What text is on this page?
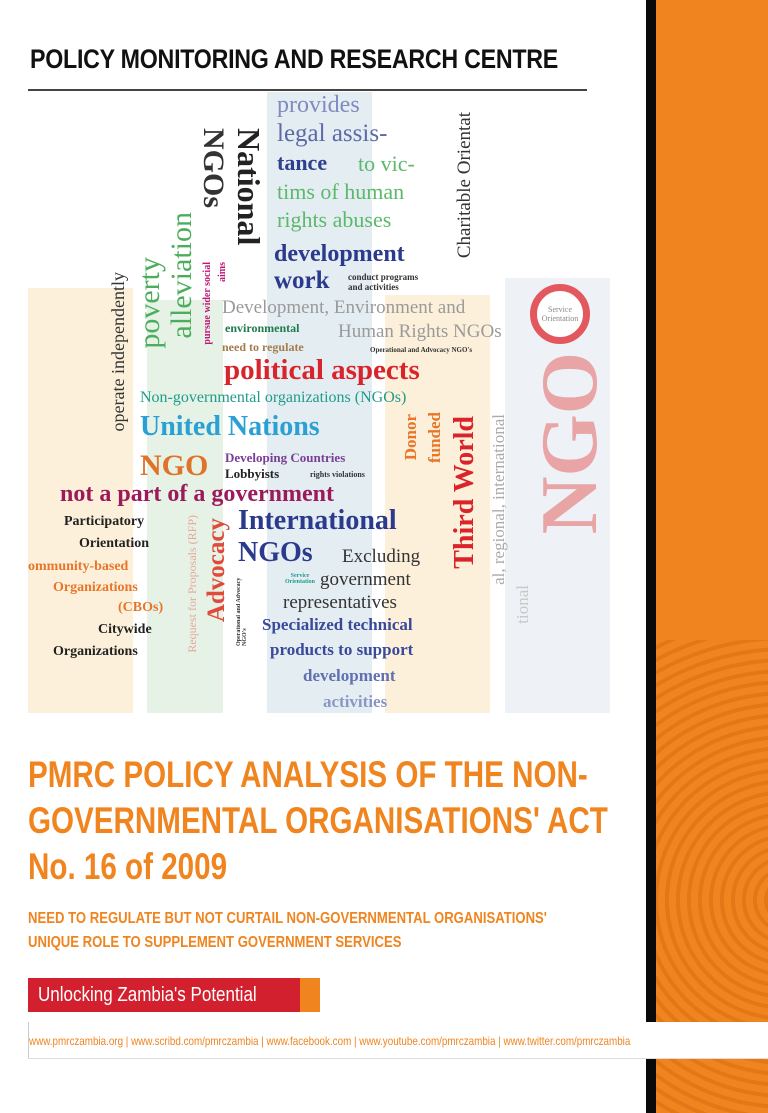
POLICY MONITORING AND RESEARCH CENTRE
provides
legal assis-
tance to vic-
tims of human
rights abuses
development
work conduct programs
and activities
Development, Environment and
environmental Human Rights NGOs
need to regulate	Operational and Advocacy NGO's
political aspects
Non-governmental organizations (NGOs)
United Nations
NGO Developing Countries
Lobbyists	rights violations
not a part of a government
Participatory
Orientation
ommunity-based
Organizations
(CBOs)
Citywide
Organizations
International
NGOs Excluding
Service Orientation government
representatives
Specialized technical
products to support
development
activities
operate independently poverty alleviation pursue wider social aims
National
NGOs	Charitable Orientat
Request for Proposals (RFP) Advocacy Operational and Advocacy NGO's
Donor funded Third World al, regional, international
tional
NGO
Service Orientation
PMRC POLICY ANALYSIS OF THE NON-
GOVERNMENTAL ORGANISATIONS' ACT
No. 16 of 2009
NEED TO REGULATE BUT NOT CURTAIL NON-GOVERNMENTAL ORGANISATIONS'
UNIQUE ROLE TO SUPPLEMENT GOVERNMENT SERVICES
Unlocking Zambia's Potential
www.pmrczambia.org | www.scribd.com/pmrczambia | www.facebook.com | www.youtube.com/pmrczambia | www.twitter.com/pmrczambia
